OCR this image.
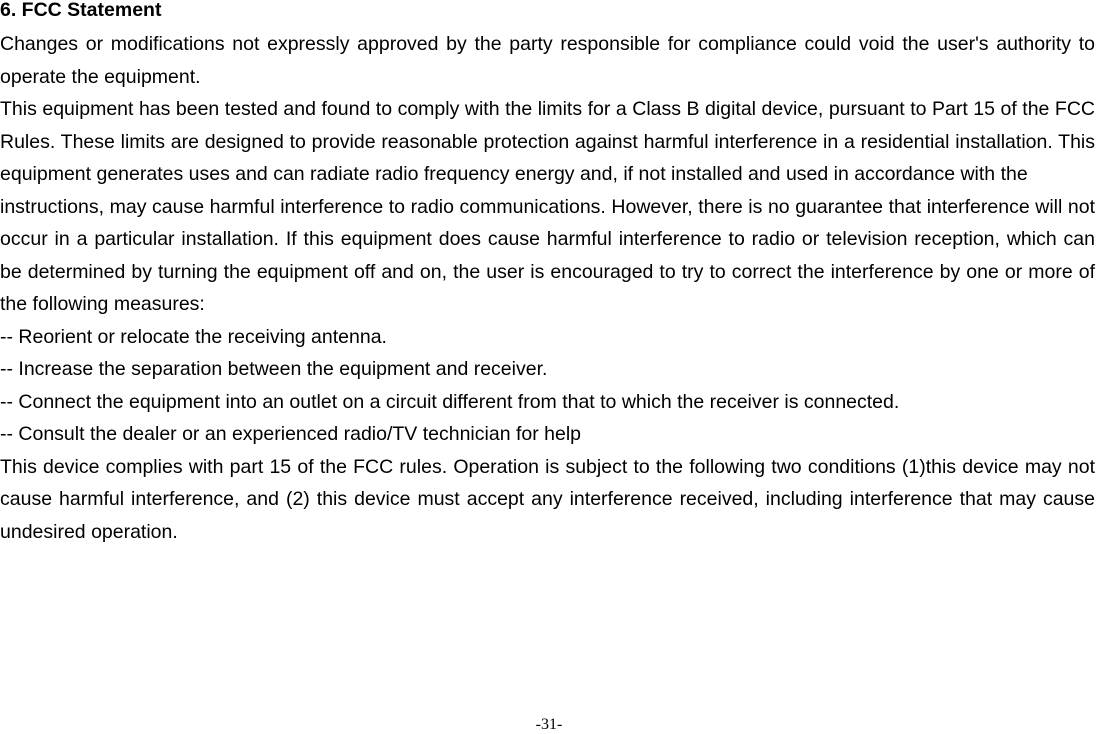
6. FCC Statement

Changes or modifications not expressly approved by the party responsible for compliance could void the user's authority to operate the equipment.

This equipment has been tested and found to comply with the limits for a Class B digital device, pursuant to Part 15 of the FCC Rules. These limits are designed to provide reasonable protection against harmful interference in a residential installation. This equipment generates uses and can radiate radio frequency energy and, if not installed and used in accordance with the

instructions, may cause harmful interference to radio communications. However, there is no guarantee that interference will not occur in a particular installation. If this equipment does cause harmful interference to radio or television reception, which can be determined by turning the equipment off and on, the user is encouraged to try to correct the interference by one or more of the following measures:

-- Reorient or relocate the receiving antenna.

-- Increase the separation between the equipment and receiver.

-- Connect the equipment into an outlet on a circuit different from that to which the receiver is connected.

-- Consult the dealer or an experienced radio/TV technician for help

This device complies with part 15 of the FCC rules. Operation is subject to the following two conditions (1)this device may not cause harmful interference, and (2) this device must accept any interference received, including interference that may cause undesired operation.

-31-
